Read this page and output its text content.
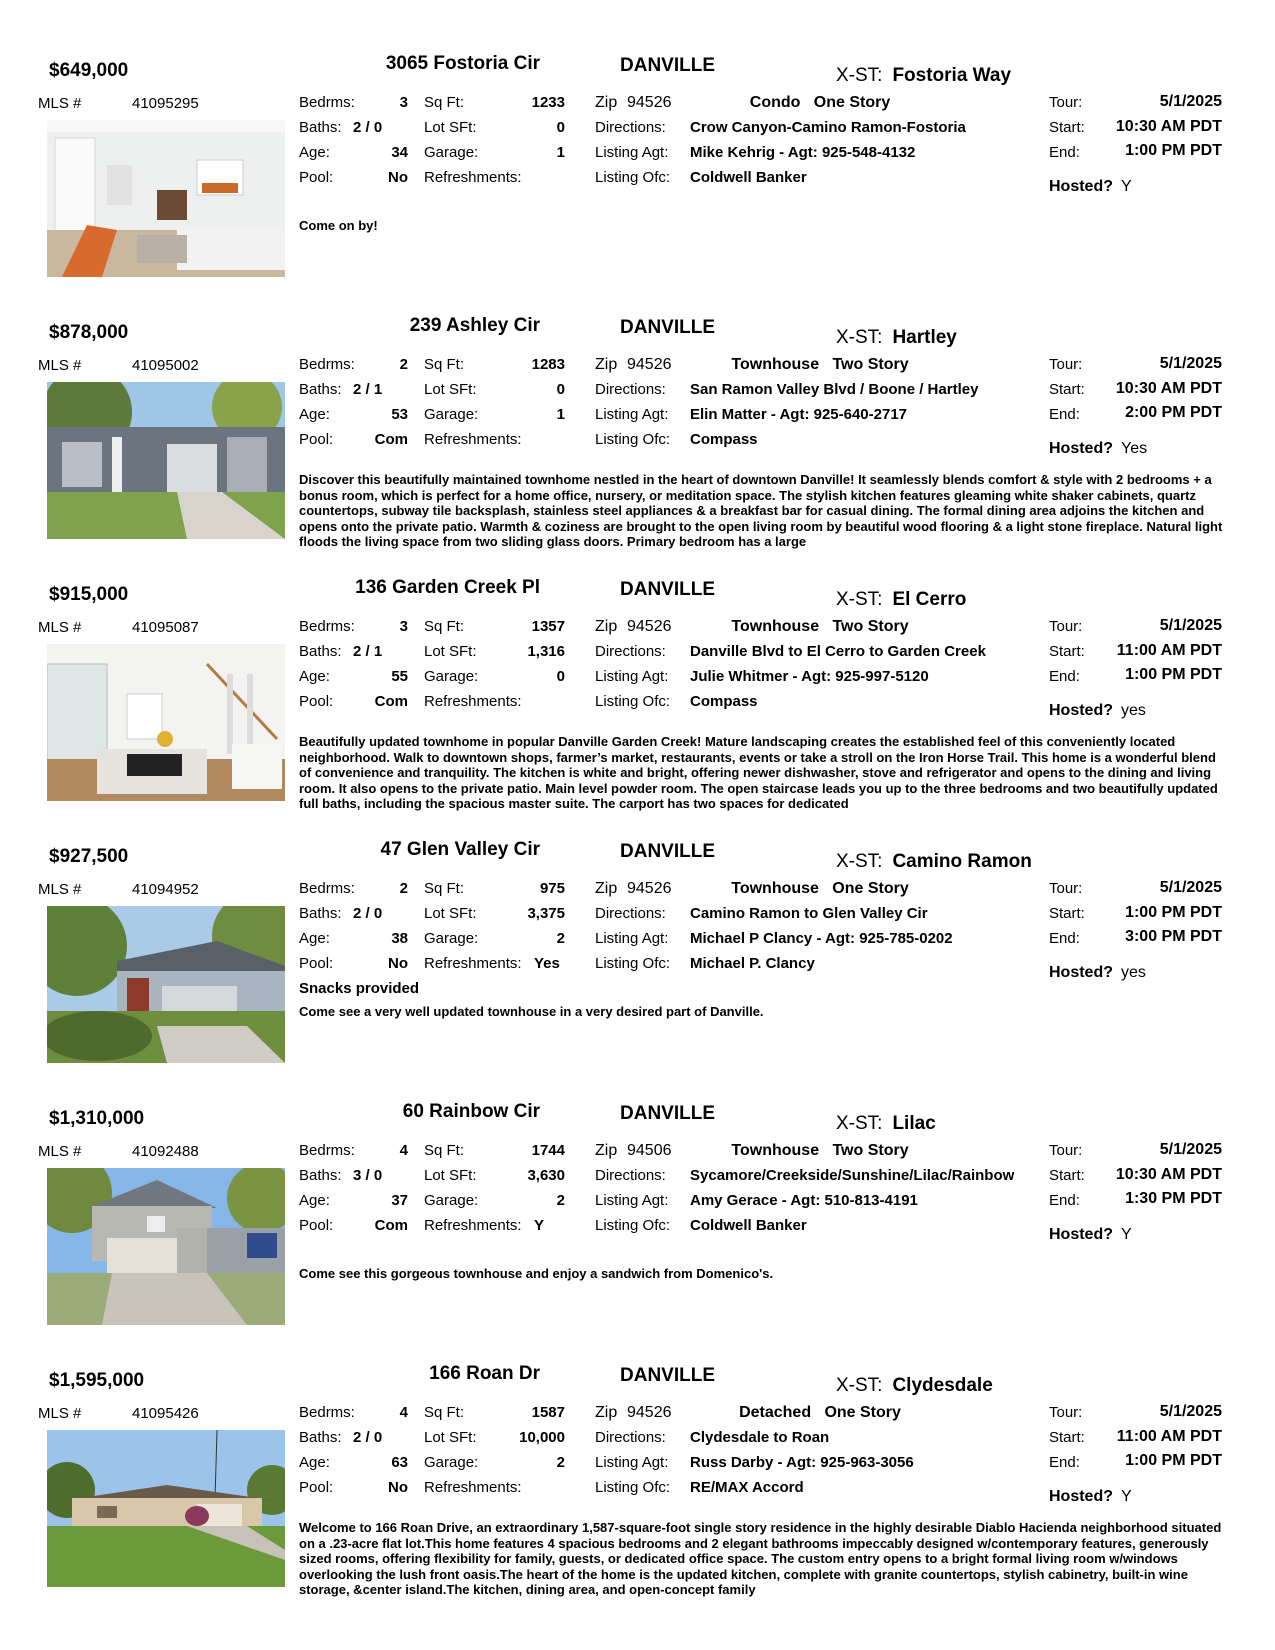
$649,000	3065 Fostoria Cir	DANVILLE	X-ST: Fostoria Way
MLS #	41095295	Bedrms:	3
Baths: 2 / 0
Age:	34
Pool:	No
Sq Ft:	1233
Lot SFt:	0
Garage:	1
Refreshments:
Zip 94526	Condo   One Story
Directions: Crow Canyon-Camino Ramon-Fostoria
Listing Agt: Mike Kehrig - Agt: 925-548-4132
Listing Ofc: Coldwell Banker
Tour:	5/1/2025
Start:	10:30 AM PDT
End:	1:00 PM PDT
Hosted? Y
Come on by!
$878,000	239 Ashley Cir	DANVILLE	X-ST: Hartley
MLS #	41095002	Bedrms:	2
Baths: 2 / 1
Age:	53
Pool:	Com
Sq Ft:	1283
Lot SFt:	0
Garage:	1
Refreshments:
Zip 94526	Townhouse   Two Story
Directions: San Ramon Valley Blvd / Boone / Hartley
Listing Agt: Elin Matter - Agt: 925-640-2717
Listing Ofc: Compass
Tour:	5/1/2025
Start:	10:30 AM PDT
End:	2:00 PM PDT
Hosted? Yes
Discover this beautifully maintained townhome nestled in the heart of downtown Danville! It seamlessly blends comfort & style with 2 bedrooms + a bonus room, which is perfect for a home office, nursery, or meditation space. The stylish kitchen features gleaming white shaker cabinets, quartz countertops, subway tile backsplash, stainless steel appliances & a breakfast bar for casual dining. The formal dining area adjoins the kitchen and opens onto the private patio. Warmth & coziness are brought to the open living room by beautiful wood flooring & a light stone fireplace. Natural light floods the living space from two sliding glass doors. Primary bedroom has a large
$915,000	136 Garden Creek Pl	DANVILLE	X-ST: El Cerro
MLS #	41095087	Bedrms:	3
Baths: 2 / 1
Age:	55
Pool:	Com
Sq Ft:	1357
Lot SFt:	1,316
Garage:	0
Refreshments:
Zip 94526	Townhouse   Two Story
Directions: Danville Blvd to El Cerro to Garden Creek
Listing Agt: Julie Whitmer - Agt: 925-997-5120
Listing Ofc: Compass
Tour:	5/1/2025
Start:	11:00 AM PDT
End:	1:00 PM PDT
Hosted? yes
Beautifully updated townhome in popular Danville Garden Creek! Mature landscaping creates the established feel of this conveniently located neighborhood. Walk to downtown shops, farmer’s market, restaurants, events or take a stroll on the Iron Horse Trail. This home is a wonderful blend of convenience and tranquility. The kitchen is white and bright, offering newer dishwasher, stove and refrigerator and opens to the dining and living room. It also opens to the private patio. Main level powder room. The open staircase leads you up to the three bedrooms and two beautifully updated full baths, including the spacious master suite. The carport has two spaces for dedicated
$927,500	47 Glen Valley Cir	DANVILLE	X-ST: Camino Ramon
MLS #	41094952	Bedrms:	2
Baths: 2 / 0
Age:	38
Pool:	No
Sq Ft:	975
Lot SFt:	3,375
Garage:	2
Refreshments: Yes
Zip 94526	Townhouse   One Story
Directions: Camino Ramon to Glen Valley Cir
Listing Agt: Michael P Clancy - Agt: 925-785-0202
Listing Ofc: Michael P. Clancy
Tour:	5/1/2025
Start:	1:00 PM PDT
End:	3:00 PM PDT
Hosted? yes
Snacks provided
Come see a very well updated townhouse in a very desired part of Danville.
$1,310,000	60 Rainbow Cir	DANVILLE	X-ST: Lilac
MLS #	41092488	Bedrms:	4
Baths: 3 / 0
Age:	37
Pool:	Com
Sq Ft:	1744
Lot SFt:	3,630
Garage:	2
Refreshments: Y
Zip 94506	Townhouse   Two Story
Directions: Sycamore/Creekside/Sunshine/Lilac/Rainbow
Listing Agt: Amy Gerace - Agt: 510-813-4191
Listing Ofc: Coldwell Banker
Tour:	5/1/2025
Start:	10:30 AM PDT
End:	1:30 PM PDT
Hosted? Y
Come see this gorgeous townhouse and enjoy a sandwich from Domenico's.
$1,595,000	166 Roan Dr	DANVILLE	X-ST: Clydesdale
MLS #	41095426	Bedrms:	4
Baths: 2 / 0
Age:	63
Pool:	No
Sq Ft:	1587
Lot SFt:	10,000
Garage:	2
Refreshments:
Zip 94526	Detached   One Story
Directions: Clydesdale to Roan
Listing Agt: Russ Darby - Agt: 925-963-3056
Listing Ofc: RE/MAX Accord
Tour:	5/1/2025
Start:	11:00 AM PDT
End:	1:00 PM PDT
Hosted? Y
Welcome to 166 Roan Drive, an extraordinary 1,587-square-foot single story residence in the highly desirable Diablo Hacienda neighborhood situated on a .23-acre flat lot.This home features 4 spacious bedrooms and 2 elegant bathrooms impeccably designed w/contemporary features, generously sized rooms, offering flexibility for family, guests, or dedicated office space. The custom entry opens to a bright formal living room w/windows overlooking the lush front oasis.The heart of the home is the updated kitchen, complete with granite countertops, stylish cabinetry, built-in wine storage, &center island.The kitchen, dining area, and open-concept family
